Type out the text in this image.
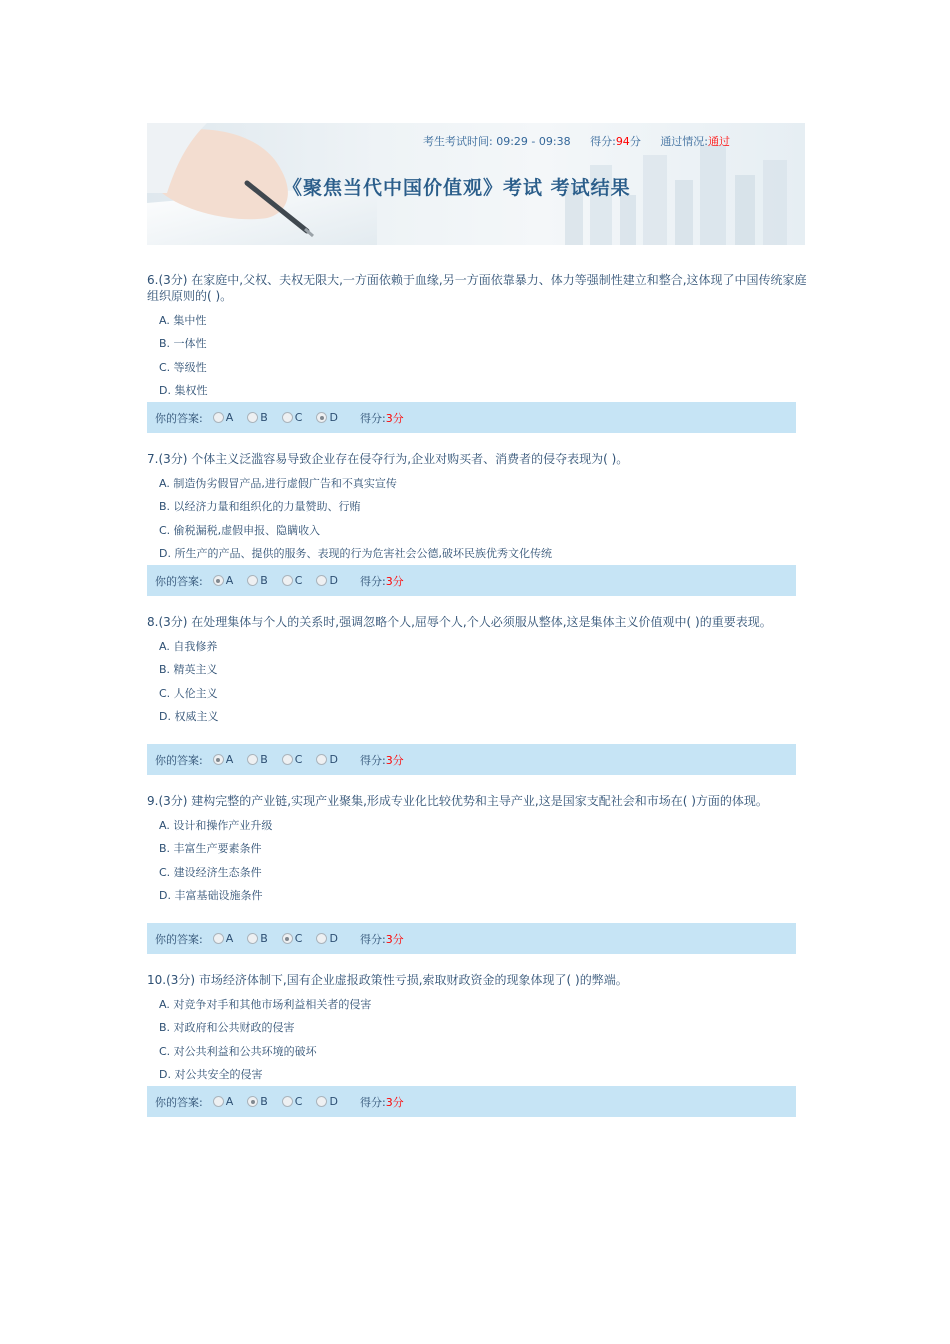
考生考试时间: 09:29 - 09:38 得分:94分 通过情况:通过
《聚焦当代中国价值观》考试 考试结果
6.(3分) 在家庭中,父权、夫权无限大,一方面依赖于血缘,另一方面依靠暴力、体力等强制性建立和整合,这体现了中国传统家庭组织原则的( )。
A. 集中性
B. 一体性
C. 等级性
D. 集权性
你的答案: A B C D 得分:3分
7.(3分) 个体主义泛滥容易导致企业存在侵夺行为,企业对购买者、消费者的侵夺表现为( )。
A. 制造伪劣假冒产品,进行虚假广告和不真实宣传
B. 以经济力量和组织化的力量赞助、行贿
C. 偷税漏税,虚假申报、隐瞒收入
D. 所生产的产品、提供的服务、表现的行为危害社会公德,破坏民族优秀文化传统
你的答案: A B C D 得分:3分
8.(3分) 在处理集体与个人的关系时,强调忽略个人,屈辱个人,个人必须服从整体,这是集体主义价值观中( )的重要表现。
A. 自我修养
B. 精英主义
C. 人伦主义
D. 权威主义
你的答案: A B C D 得分:3分
9.(3分) 建构完整的产业链,实现产业聚集,形成专业化比较优势和主导产业,这是国家支配社会和市场在( )方面的体现。
A. 设计和操作产业升级
B. 丰富生产要素条件
C. 建设经济生态条件
D. 丰富基础设施条件
你的答案: A B C D 得分:3分
10.(3分) 市场经济体制下,国有企业虚报政策性亏损,索取财政资金的现象体现了( )的弊端。
A. 对竞争对手和其他市场利益相关者的侵害
B. 对政府和公共财政的侵害
C. 对公共利益和公共环境的破坏
D. 对公共安全的侵害
你的答案: A B C D 得分:3分
